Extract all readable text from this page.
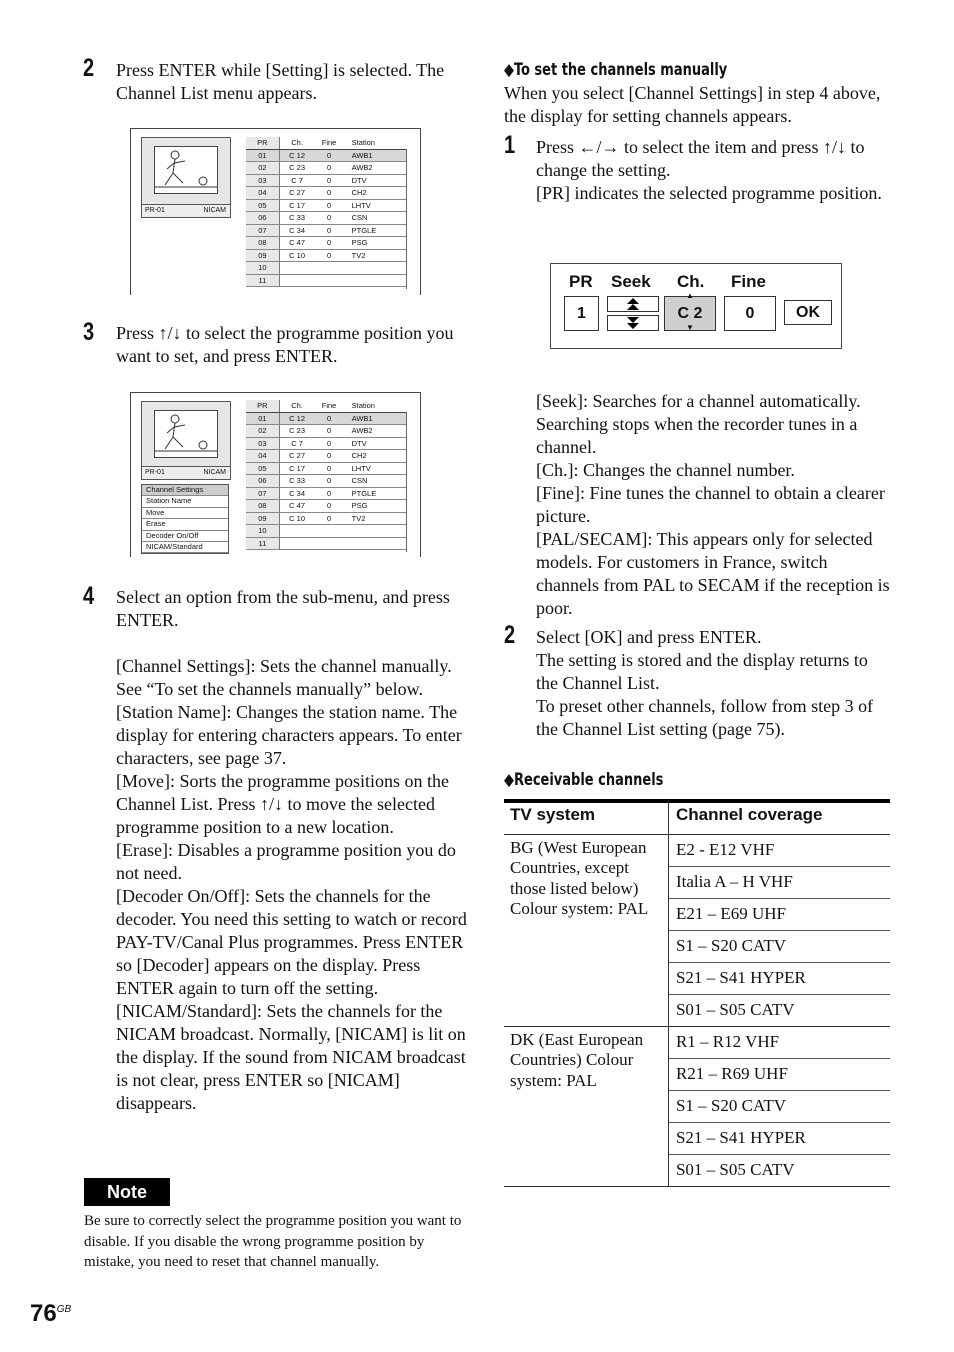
2 Press ENTER while [Setting] is selected. The Channel List menu appears.

PR-01	NICAM
PR	Ch.	Fine	Station
01	C 12	0	AWB1
02	C 23	0	AWB2
03	C 7	0	DTV
04	C 27	0	CH2
05	C 17	0	LHTV
06	C 33	0	CSN
07	C 34	0	PTGLE
08	C 47	0	PSG
09	C 10	0	TV2
10			
11			
3 Press ↑/↓ to select the programme position you want to set, and press ENTER.

PR-01	NICAM
Channel Settings
Station Name
Move
Erase
Decoder On/Off
NICAM/Standard
PR	Ch.	Fine	Station
01	C 12	0	AWB1
02	C 23	0	AWB2
03	C 7	0	DTV
04	C 27	0	CH2
05	C 17	0	LHTV
06	C 33	0	CSN
07	C 34	0	PTGLE
08	C 47	0	PSG
09	C 10	0	TV2
10			
11			
4 Select an option from the sub-menu, and press ENTER.

[Channel Settings]: Sets the channel manually. See “To set the channels manually” below.

[Station Name]: Changes the station name. The display for entering characters appears. To enter characters, see page 37.

[Move]: Sorts the programme positions on the Channel List. Press ↑/↓ to move the selected programme position to a new location.

[Erase]: Disables a programme position you do not need.

[Decoder On/Off]: Sets the channels for the decoder. You need this setting to watch or record PAY-TV/Canal Plus programmes. Press ENTER so [Decoder] appears on the display. Press ENTER again to turn off the setting.

[NICAM/Standard]: Sets the channels for the NICAM broadcast. Normally, [NICAM] is lit on the display. If the sound from NICAM broadcast is not clear, press ENTER so [NICAM] disappears.

Note

Be sure to correctly select the programme position you want to disable. If you disable the wrong programme position by mistake, you need to reset that channel manually.

$76^{GB}$
◆To set the channels manually

When you select [Channel Settings] in step 4 above, the display for setting channels appears.

1 Press ←/→ to select the item and press ↑/↓ to change the setting.

[PR] indicates the selected programme position.

PR Seek Ch. Fine
1	C 2
▲
▼
0	OK

[Seek]: Searches for a channel automatically. Searching stops when the recorder tunes in a channel.

[Ch.]: Changes the channel number.

[Fine]: Fine tunes the channel to obtain a clearer picture.

[PAL/SECAM]: This appears only for selected models. For customers in France, switch channels from PAL to SECAM if the reception is poor.

2 Select [OK] and press ENTER.

The setting is stored and the display returns to the Channel List.

To preset other channels, follow from step 3 of the Channel List setting (page 75).

◆Receivable channels
TV system	Channel coverage
BG (West European Countries, except those listed below) Colour system: PAL	E2 - E12 VHF
	Italia A – H VHF
	E21 – E69 UHF
	S1 – S20 CATV
	S21 – S41 HYPER
	S01 – S05 CATV
DK (East European Countries) Colour system: PAL	R1 – R12 VHF
	R21 – R69 UHF
	S1 – S20 CATV
	S21 – S41 HYPER
	S01 – S05 CATV
